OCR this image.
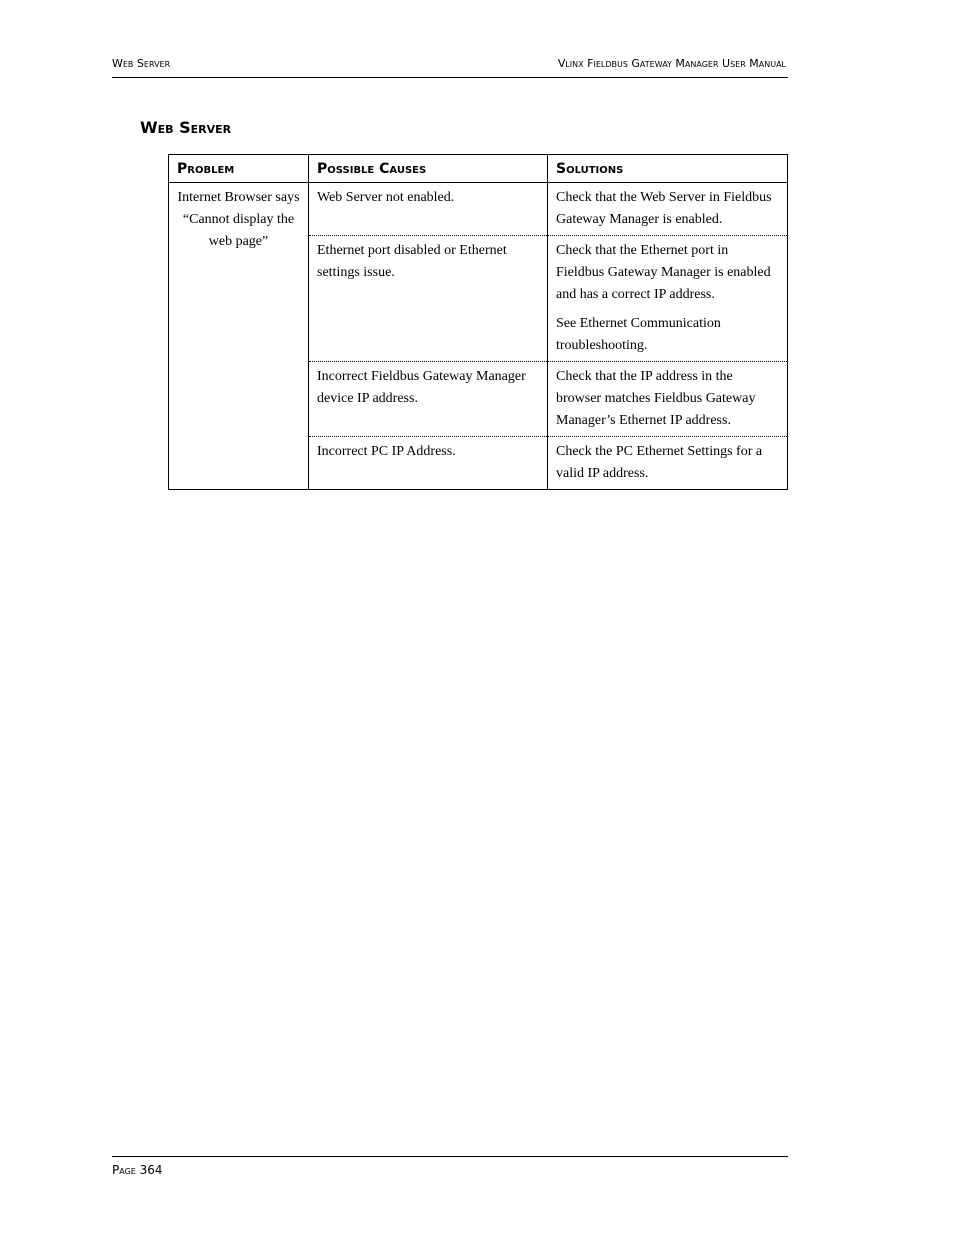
Web Server	Vlinx Fieldbus Gateway Manager User Manual
Web Server
Problem	Possible Causes	Solutions
Internet Browser says “Cannot display the web page”	Web Server not enabled.	Check that the Web Server in Fieldbus Gateway Manager is enabled.

	Ethernet port disabled or Ethernet settings issue.	Check that the Ethernet port in Fieldbus Gateway Manager is enabled and has a correct IP address.

See Ethernet Communication troubleshooting.

	Incorrect Fieldbus Gateway Manager device IP address.	Check that the IP address in the browser matches Fieldbus Gateway Manager’s Ethernet IP address.

	Incorrect PC IP Address.	Check the PC Ethernet Settings for a valid IP address.

Page 364
